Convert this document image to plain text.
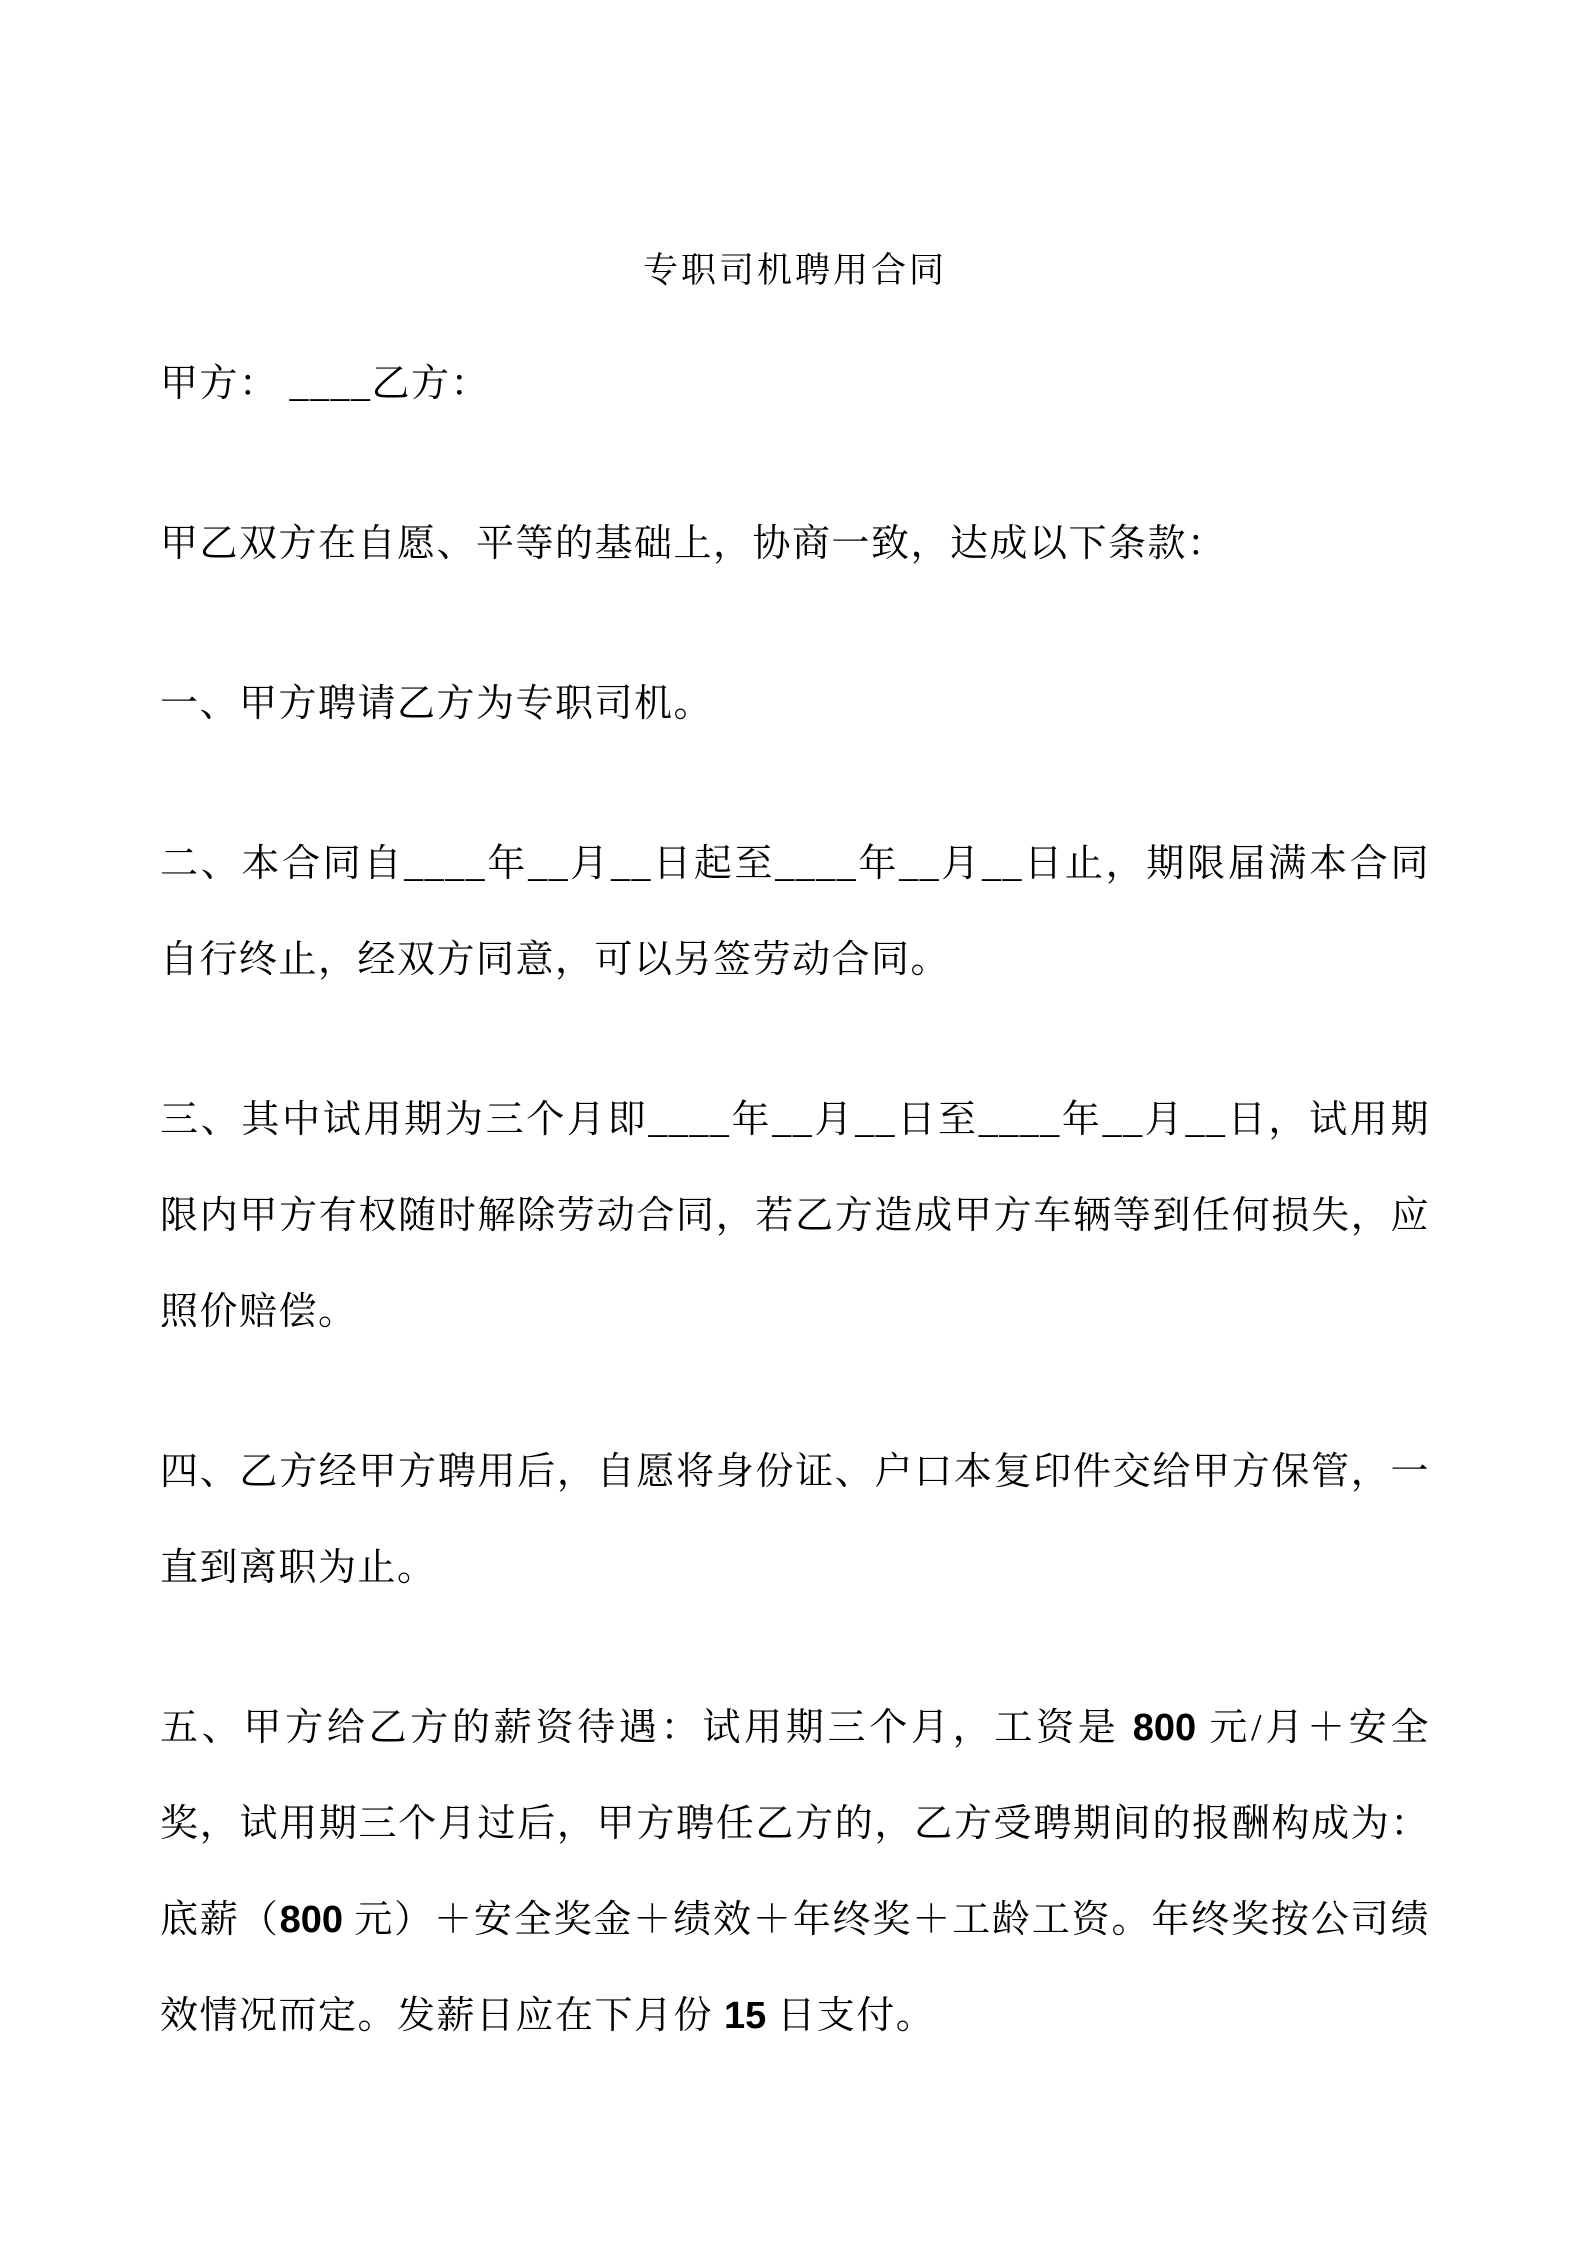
专职司机聘用合同

甲方： ____乙方：

甲乙双方在自愿、平等的基础上，协商一致，达成以下条款：

一、甲方聘请乙方为专职司机。

二、本合同自____年__月__日起至____年__月__日止，期限届满本合同自行终止，经双方同意，可以另签劳动合同。

三、其中试用期为三个月即____年__月__日至____年__月__日，试用期限内甲方有权随时解除劳动合同，若乙方造成甲方车辆等到任何损失，应照价赔偿。

四、乙方经甲方聘用后，自愿将身份证、户口本复印件交给甲方保管，一直到离职为止。

五、甲方给乙方的薪资待遇：试用期三个月，工资是 800 元/月＋安全奖，试用期三个月过后，甲方聘任乙方的，乙方受聘期间的报酬构成为：底薪（800 元）＋安全奖金＋绩效＋年终奖＋工龄工资。年终奖按公司绩效情况而定。发薪日应在下月份 15 日支付。
